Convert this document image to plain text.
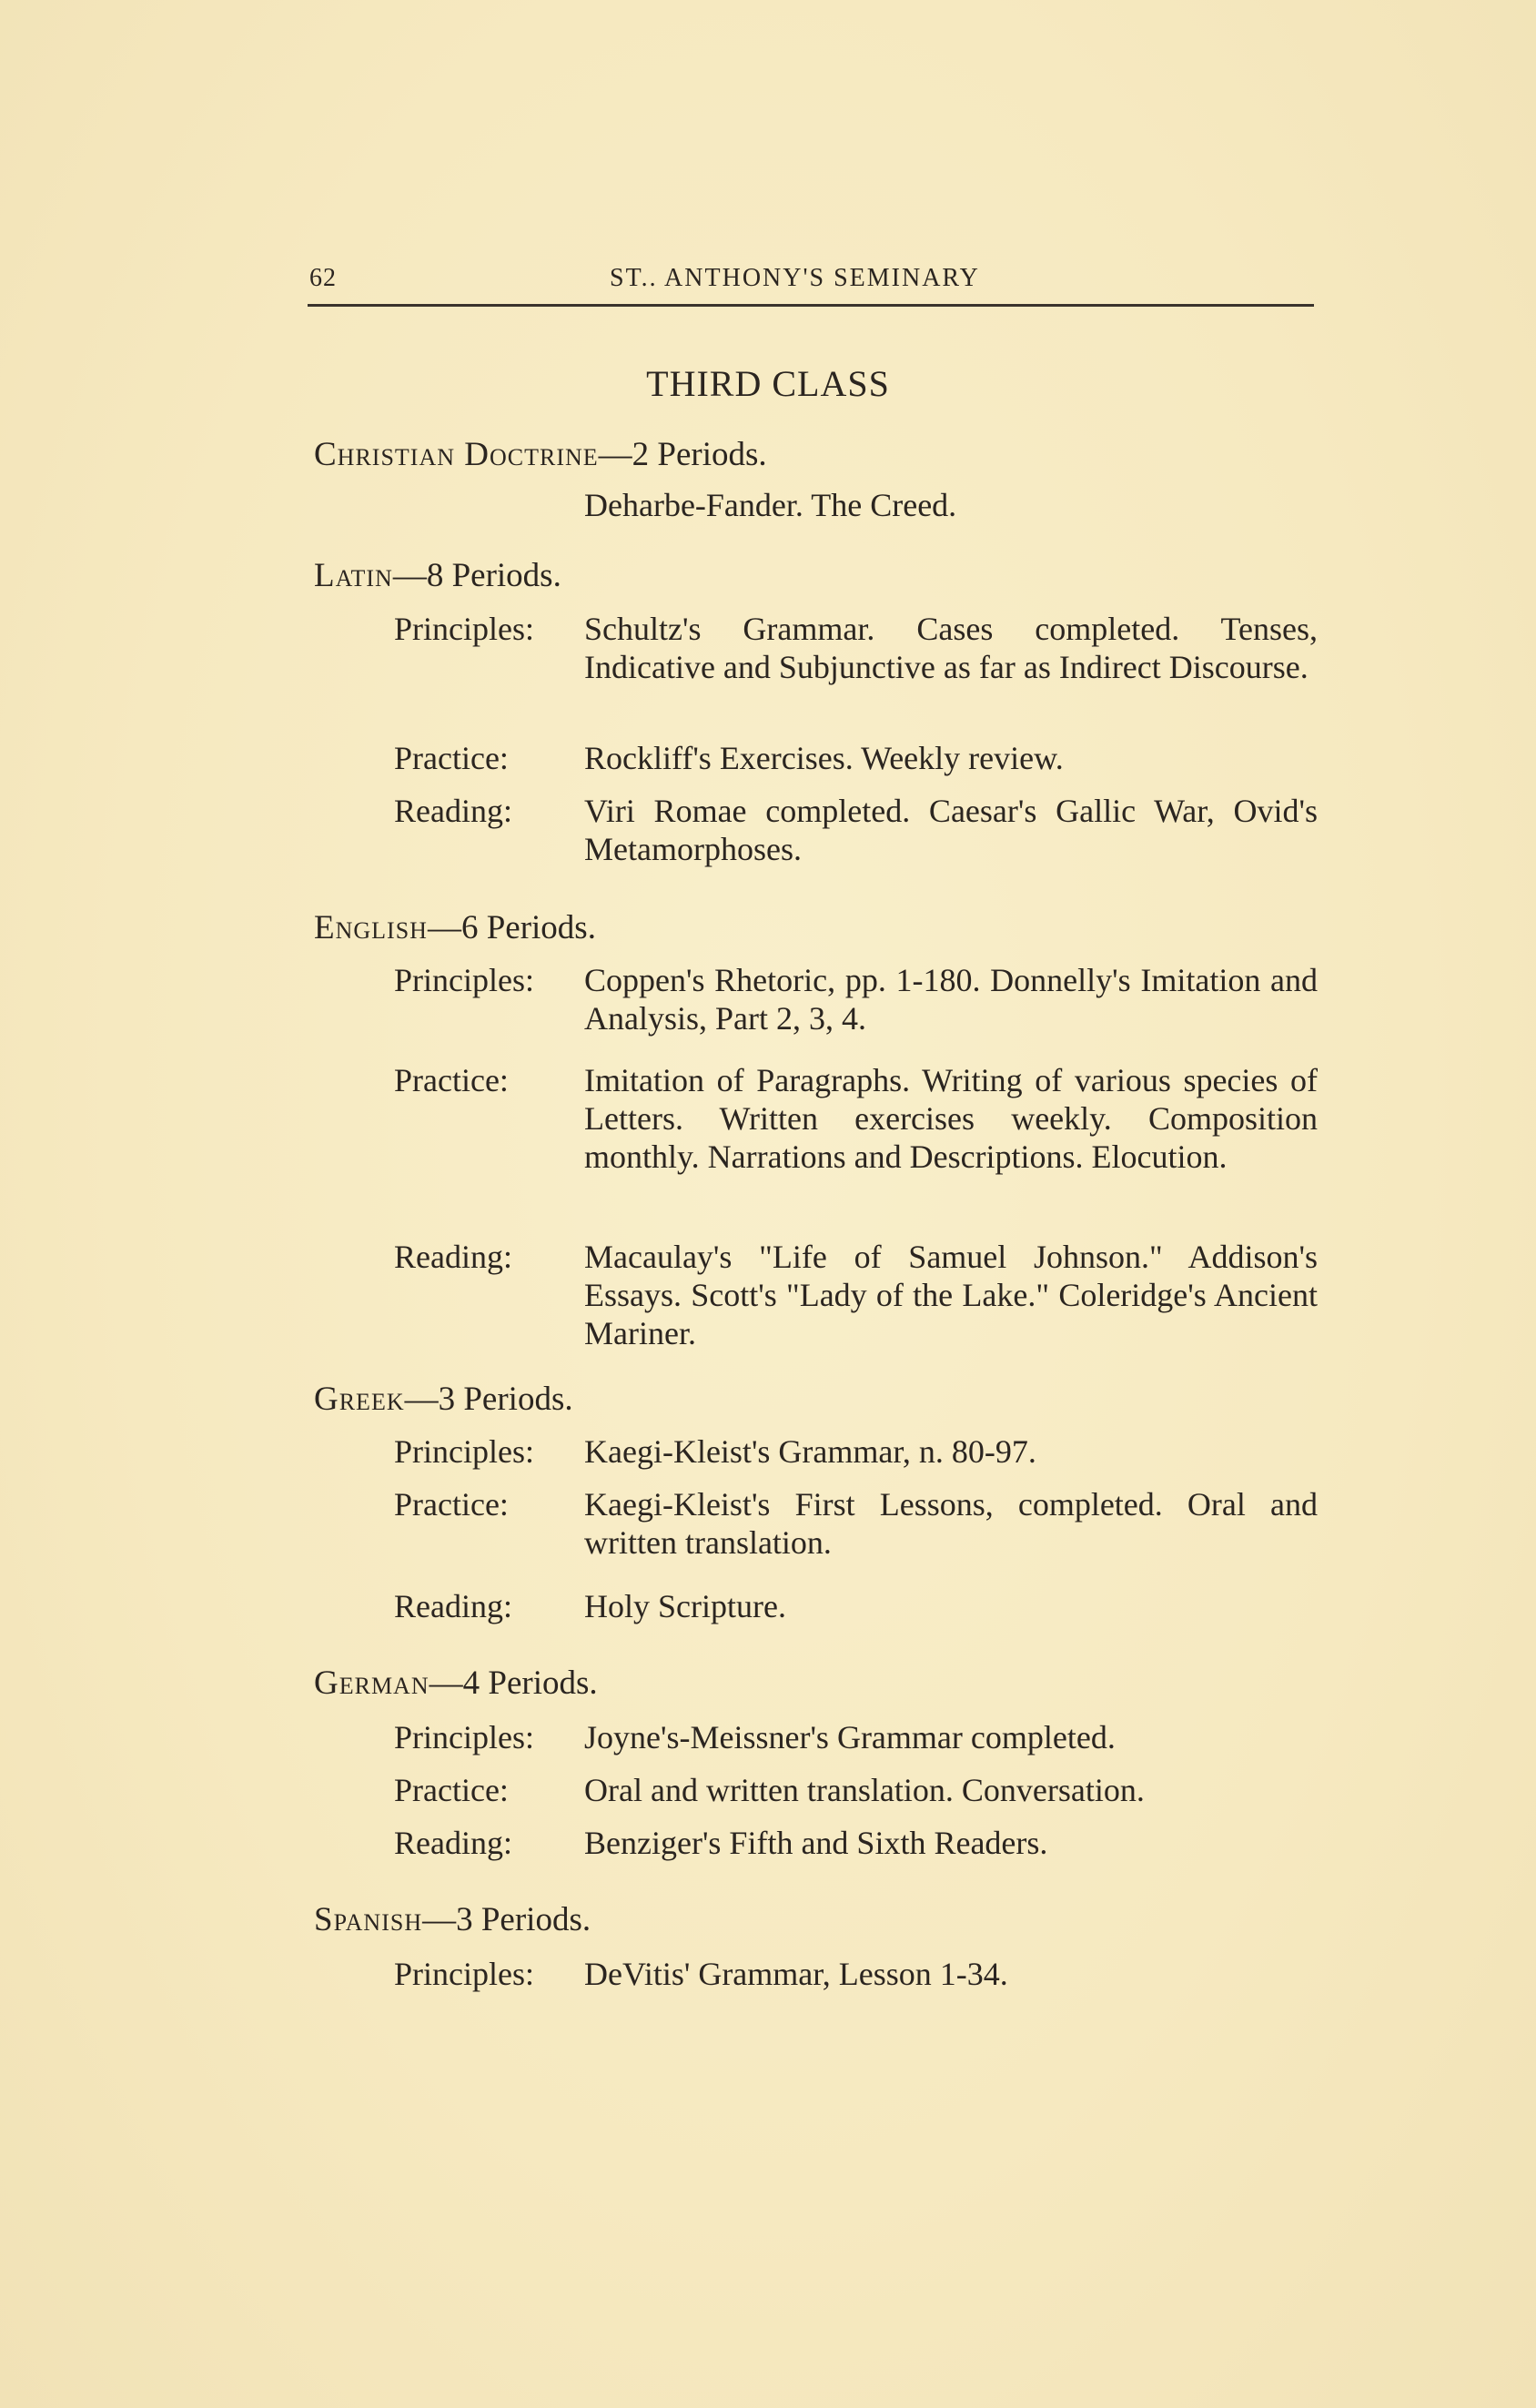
62	ST.. ANTHONY'S SEMINARY
THIRD CLASS
Christian Doctrine—2 Periods.
Deharbe-Fander. The Creed.
Latin—8 Periods.
Principles: Schultz's Grammar. Cases completed. Tenses, Indicative and Subjunctive as far as Indirect Discourse.
Practice: Rockliff's Exercises. Weekly review.
Reading: Viri Romae completed. Caesar's Gallic War, Ovid's Metamorphoses.
English—6 Periods.
Principles: Coppen's Rhetoric, pp. 1-180. Donnelly's Imitation and Analysis, Part 2, 3, 4.
Practice: Imitation of Paragraphs. Writing of various species of Letters. Written exercises weekly. Composition monthly. Narrations and Descriptions. Elocution.
Reading: Macaulay's "Life of Samuel Johnson." Addison's Essays. Scott's "Lady of the Lake." Coleridge's Ancient Mariner.
Greek—3 Periods.
Principles: Kaegi-Kleist's Grammar, n. 80-97.
Practice: Kaegi-Kleist's First Lessons, completed. Oral and written translation.
Reading: Holy Scripture.
German—4 Periods.
Principles: Joyne's-Meissner's Grammar completed.
Practice: Oral and written translation. Conversation.
Reading: Benziger's Fifth and Sixth Readers.
Spanish—3 Periods.
Principles: DeVitis' Grammar, Lesson 1-34.
